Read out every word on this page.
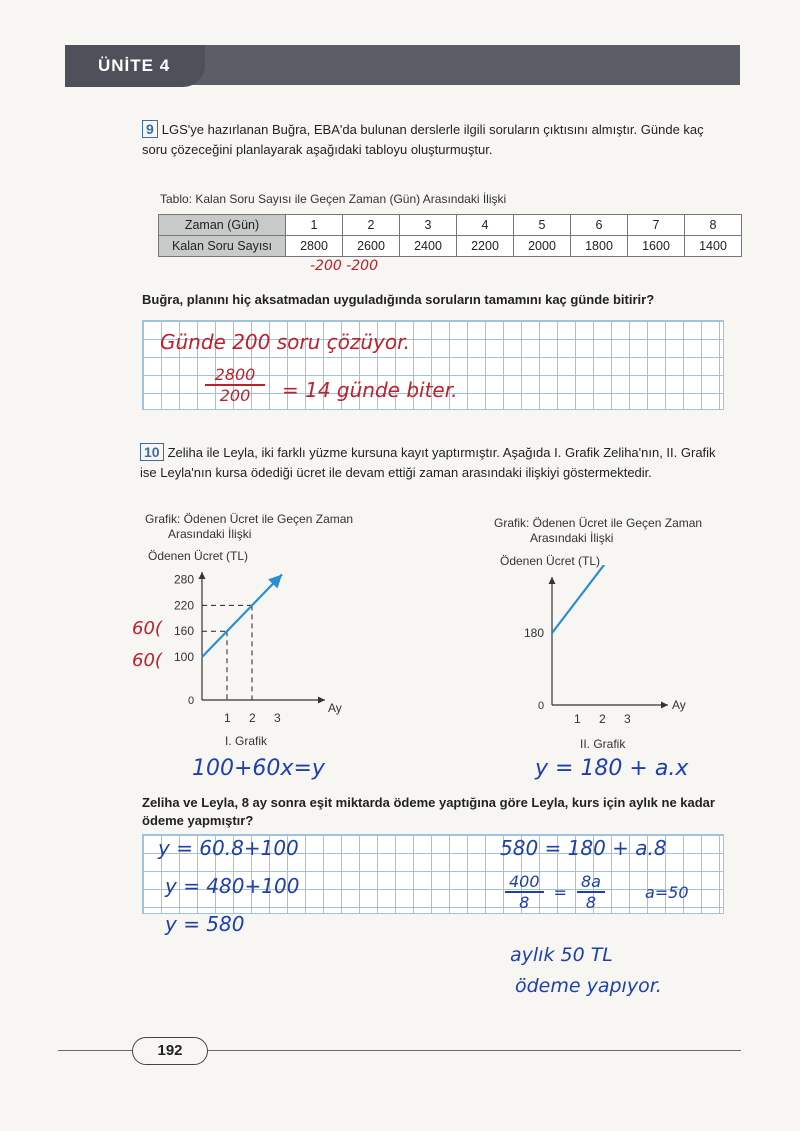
ÜNİTE 4
9 LGS'ye hazırlanan Buğra, EBA'da bulunan derslerle ilgili soruların çıktısını almıştır. Günde kaç
soru çözeceğini planlayarak aşağıdaki tabloyu oluşturmuştur.
Tablo: Kalan Soru Sayısı ile Geçen Zaman (Gün) Arasındaki İlişki
Zaman (Gün)	1	2	3	4	5	6	7	8
Kalan Soru Sayısı	2800	2600	2400	2200	2000	1800	1600	1400
-200 -200
Buğra, planını hiç aksatmadan uyguladığında soruların tamamını kaç günde bitirir?
Günde 200 soru çözüyor.
$\frac{2800}{200} = 14$ günde biter.
10 Zeliha ile Leyla, iki farklı yüzme kursuna kayıt yaptırmıştır. Aşağıda I. Grafik Zeliha'nın, II. Grafik
ise Leyla'nın kursa ödediği ücret ile devam ettiği zaman arasındaki ilişkiyi göstermektedir.
Grafik: Ödenen Ücret ile Geçen Zaman
Arasındaki İlişki
Ödenen Ücret (TL)
I. Grafik
Ay
0
100
160
220
280
1 2 3
60(
60(
100+60x=y
Grafik: Ödenen Ücret ile Geçen Zaman
Arasındaki İlişki
Ödenen Ücret (TL)
II. Grafik
Ay
0
180
1 2 3
y = 180 + a.x
Zeliha ve Leyla, 8 ay sonra eşit miktarda ödeme yaptığına göre Leyla, kurs için aylık ne kadar
ödeme yapmıştır?
y = 60.8+100
y = 480+100
y = 580
580 = 180 + a.8
$\frac{400}{8} = \frac{8a}{8}$	a=50
aylık 50 TL
ödeme yapıyor.
192
